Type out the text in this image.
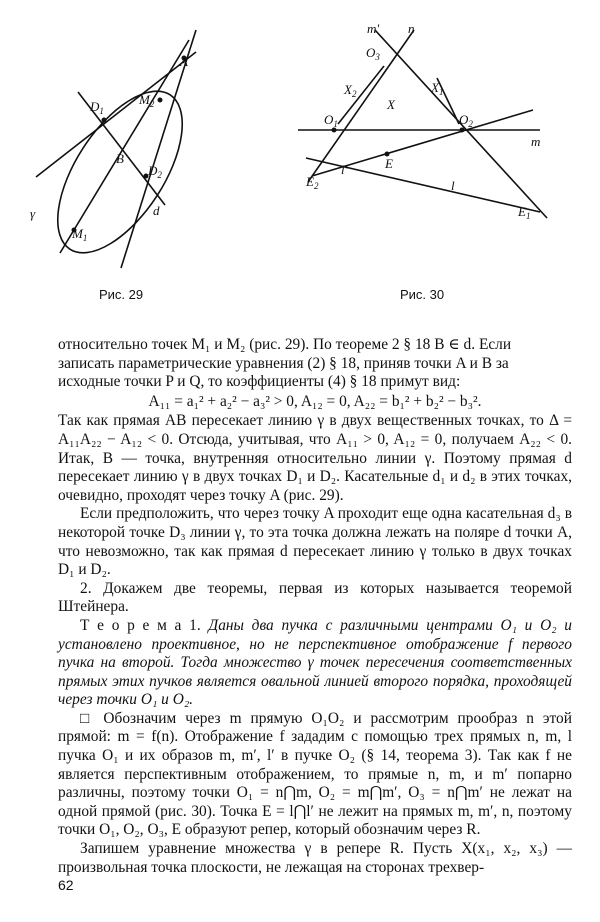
A
$D_1$
$M_2$
B
$D_2$
d
γ
$M_1$
Рис. 29
m' n
$O_3$
$X_2$	$X_1$
X
$O_1$	$O_2$
m
l'	E
$E_2$	l
$E_1$
Рис. 30

относительно точек M₁ и M₂ (рис. 29). По теореме 2 § 18 B ∈ d. Если

записать параметрические уравнения (2) § 18, приняв точки A и B за

исходные точки P и Q, то коэффициенты (4) § 18 примут вид:

A₁₁ = a₁² + a₂² − a₃² > 0, A₁₂ = 0, A₂₂ = b₁² + b₂² − b₃².

Так как прямая AB пересекает линию γ в двух вещественных точках, то Δ = A₁₁A₂₂ − A₁₂ < 0. Отсюда, учитывая, что A₁₁ > 0, A₁₂ = 0, получаем A₂₂ < 0. Итак, B — точка, внутренняя относительно линии γ. Поэтому прямая d пересекает линию γ в двух точках D₁ и D₂. Касательные d₁ и d₂ в этих точках, очевидно, проходят через точку A (рис. 29).

Если предположить, что через точку A проходит еще одна касательная d₃ в некоторой точке D₃ линии γ, то эта точка должна лежать на поляре d точки A, что невозможно, так как прямая d пересекает линию γ только в двух точках D₁ и D₂.

2. Докажем две теоремы, первая из которых называется теоремой Штейнера.

Т е о р е м а 1. Даны два пучка с различными центрами O₁ и O₂ и установлено проективное, но не перспективное отображение f первого пучка на второй. Тогда множество γ точек пересечения соответственных прямых этих пучков является овальной линией второго порядка, проходящей через точки O₁ и O₂.

□ Обозначим через m прямую O₁O₂ и рассмотрим прообраз n этой прямой: m = f(n). Отображение f зададим с помощью трех прямых n, m, l пучка O₁ и их образов m, m′, l′ в пучке O₂ (§ 14, теорема 3). Так как f не является перспективным отображением, то прямые n, m, и m′ попарно различны, поэтому точки O₁ = n⋂m, O₂ = m⋂m′, O₃ = n⋂m′ не лежат на одной прямой (рис. 30). Точка E = l⋂l′ не лежит на прямых m, m′, n, поэтому точки O₁, O₂, O₃, E образуют репер, который обозначим через R.

Запишем уравнение множества γ в репере R. Пусть X(x₁, x₂, x₃) — произвольная точка плоскости, не лежащая на сторонах трехвер-

62
